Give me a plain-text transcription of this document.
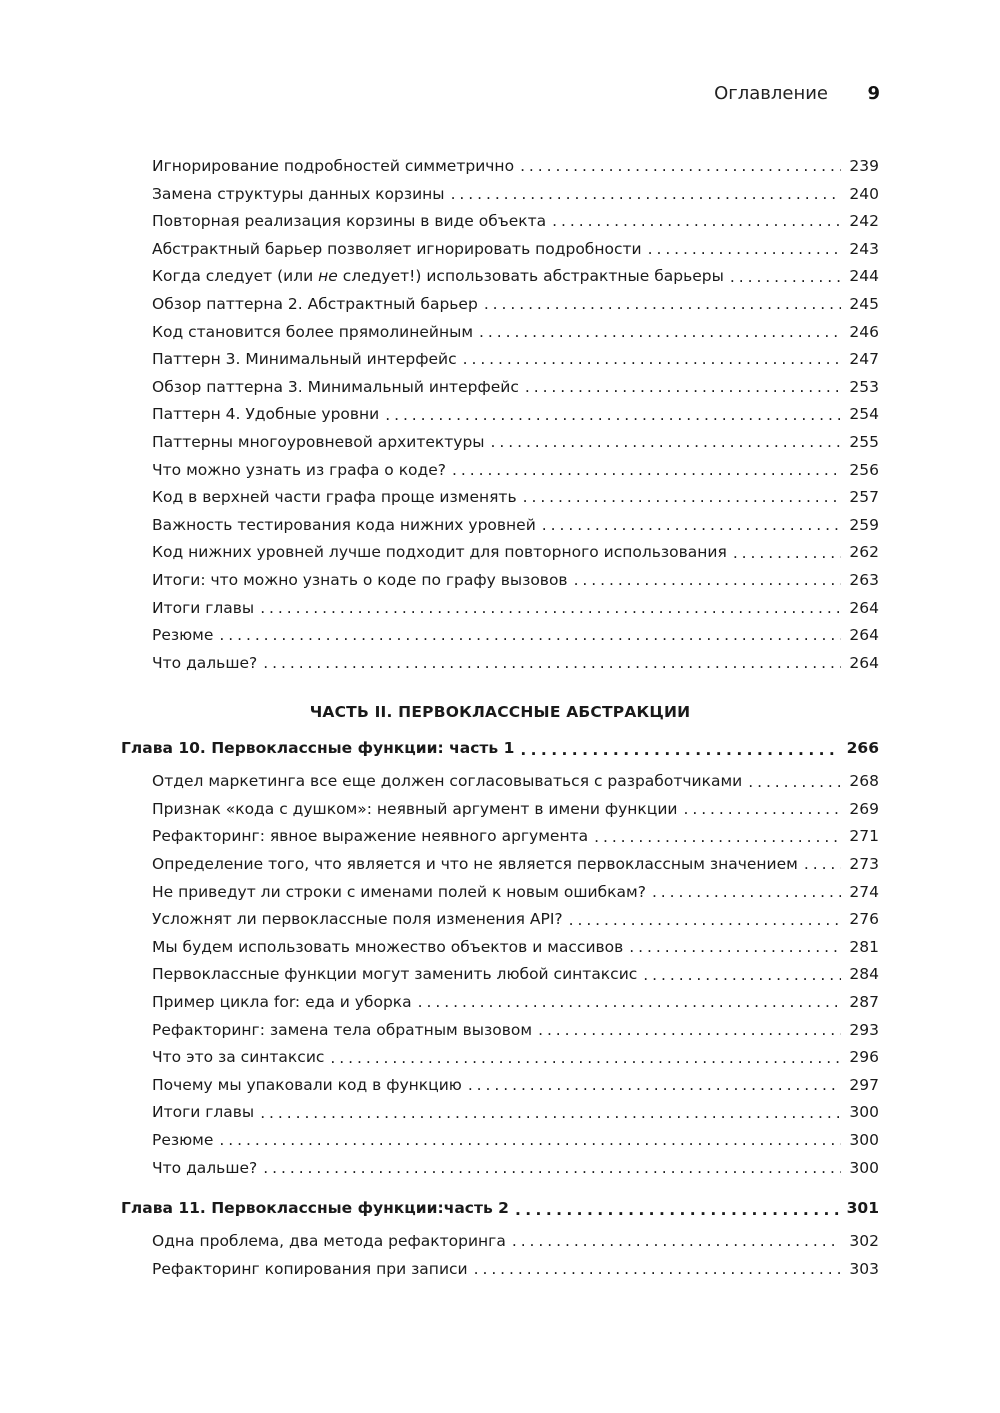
Оглавление 9
Игнорирование подробностей симметрично . . .	239
Замена структуры данных корзины . . .	240
Повторная реализация корзины в виде объекта . . .	242
Абстрактный барьер позволяет игнорировать подробности . . .	243
Когда следует (или не следует!) использовать абстрактные барьеры . . .	244
Обзор паттерна 2. Абстрактный барьер . . .	245
Код становится более прямолинейным . . .	246
Паттерн 3. Минимальный интерфейс . . .	247
Обзор паттерна 3. Минимальный интерфейс . . .	253
Паттерн 4. Удобные уровни . . .	254
Паттерны многоуровневой архитектуры . . .	255
Что можно узнать из графа о коде? . . .	256
Код в верхней части графа проще изменять . . .	257
Важность тестирования кода нижних уровней . . .	259
Код нижних уровней лучше подходит для повторного использования . . .	262
Итоги: что можно узнать о коде по графу вызовов . . .	263
Итоги главы . . .	264
Резюме . . .	264
Что дальше? . . .	264
ЧАСТЬ II. ПЕРВОКЛАССНЫЕ АБСТРАКЦИИ
Глава 10. Первоклассные функции: часть 1 . . .	266
Отдел маркетинга все еще должен согласовываться с разработчиками . . .	268
Признак «кода с душком»: неявный аргумент в имени функции . . .	269
Рефакторинг: явное выражение неявного аргумента . . .	271
Определение того, что является и что не является первоклассным значением . . .	273
Не приведут ли строки с именами полей к новым ошибкам? . . .	274
Усложнят ли первоклассные поля изменения API? . . .	276
Мы будем использовать множество объектов и массивов . . .	281
Первоклассные функции могут заменить любой синтаксис . . .	284
Пример цикла for: еда и уборка . . .	287
Рефакторинг: замена тела обратным вызовом . . .	293
Что это за синтаксис . . .	296
Почему мы упаковали код в функцию . . .	297
Итоги главы . . .	300
Резюме . . .	300
Что дальше? . . .	300
Глава 11. Первоклассные функции:часть 2 . . .	301
Одна проблема, два метода рефакторинга . . .	302
Рефакторинг копирования при записи . . .	303
